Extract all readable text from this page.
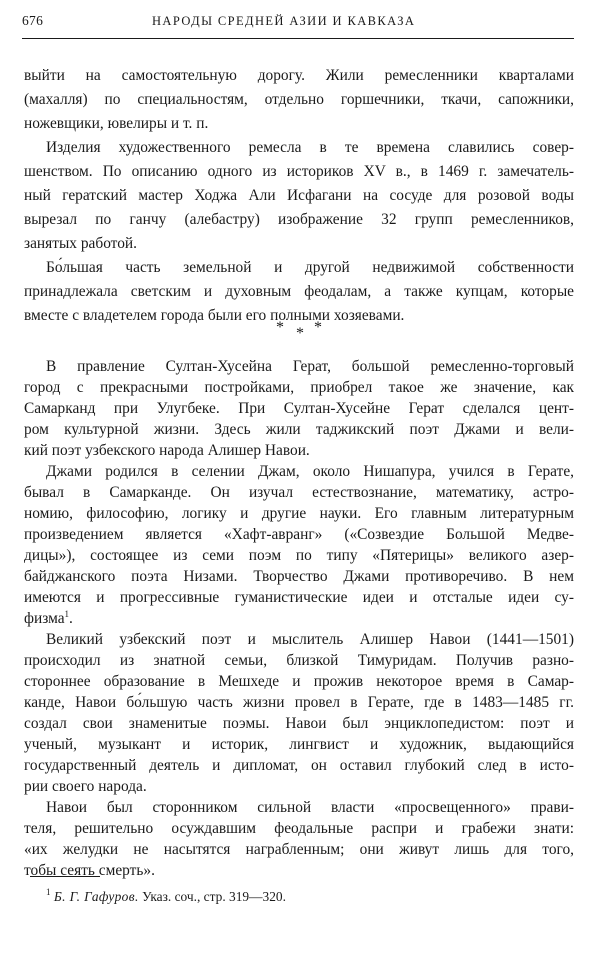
676	НАРОДЫ СРЕДНЕЙ АЗИИ И КАВКАЗА
выйти на самостоятельную дорогу. Жили ремесленники кварталами
(махалля) по специальностям, отдельно горшечники, ткачи, сапожники,
ножевщики, ювелиры и т. п.
Изделия художественного ремесла в те времена славились совер-
шенством. По описанию одного из историков XV в., в 1469 г. замечатель-
ный гератский мастер Ходжа Али Исфагани на сосуде для розовой воды
вырезал по ганчу (алебастру) изображение 32 групп ремесленников,
занятых работой.
Бо́льшая часть земельной и другой недвижимой собственности
принадлежала светским и духовным феодалам, а также купцам, которые
вместе с владетелем города были его полными хозяевами.
* * *
В правление Султан-Хусейна Герат, большой ремесленно-торговый
город с прекрасными постройками, приобрел такое же значение, как
Самарканд при Улугбеке. При Султан-Хусейне Герат сделался цент-
ром культурной жизни. Здесь жили таджикский поэт Джами и вели-
кий поэт узбекского народа Алишер Навои.
Джами родился в селении Джам, около Нишапура, учился в Герате,
бывал в Самарканде. Он изучал естествознание, математику, астро-
номию, философию, логику и другие науки. Его главным литературным
произведением является «Хафт-авранг» («Созвездие Большой Медве-
дицы»), состоящее из семи поэм по типу «Пятерицы» великого азер-
байджанского поэта Низами. Творчество Джами противоречиво. В нем
имеются и прогрессивные гуманистические идеи и отсталые идеи су-
физма$^1$.
Великий узбекский поэт и мыслитель Алишер Навои (1441—1501)
происходил из знатной семьи, близкой Тимуридам. Получив разно-
стороннее образование в Мешхеде и прожив некоторое время в Самар-
канде, Навои бо́льшую часть жизни провел в Герате, где в 1483—1485 гг.
создал свои знаменитые поэмы. Навои был энциклопедистом: поэт и
ученый, музыкант и историк, лингвист и художник, выдающийся
государственный деятель и дипломат, он оставил глубокий след в исто-
рии своего народа.
Навои был сторонником сильной власти «просвещенного» прави-
теля, решительно осуждавшим феодальные распри и грабежи знати:
«их желудки не насытятся награбленным; они живут лишь для того,
тобы сеять смерть».
$^1$ Б. Г. Гафуров. Указ. соч., стр. 319—320.
